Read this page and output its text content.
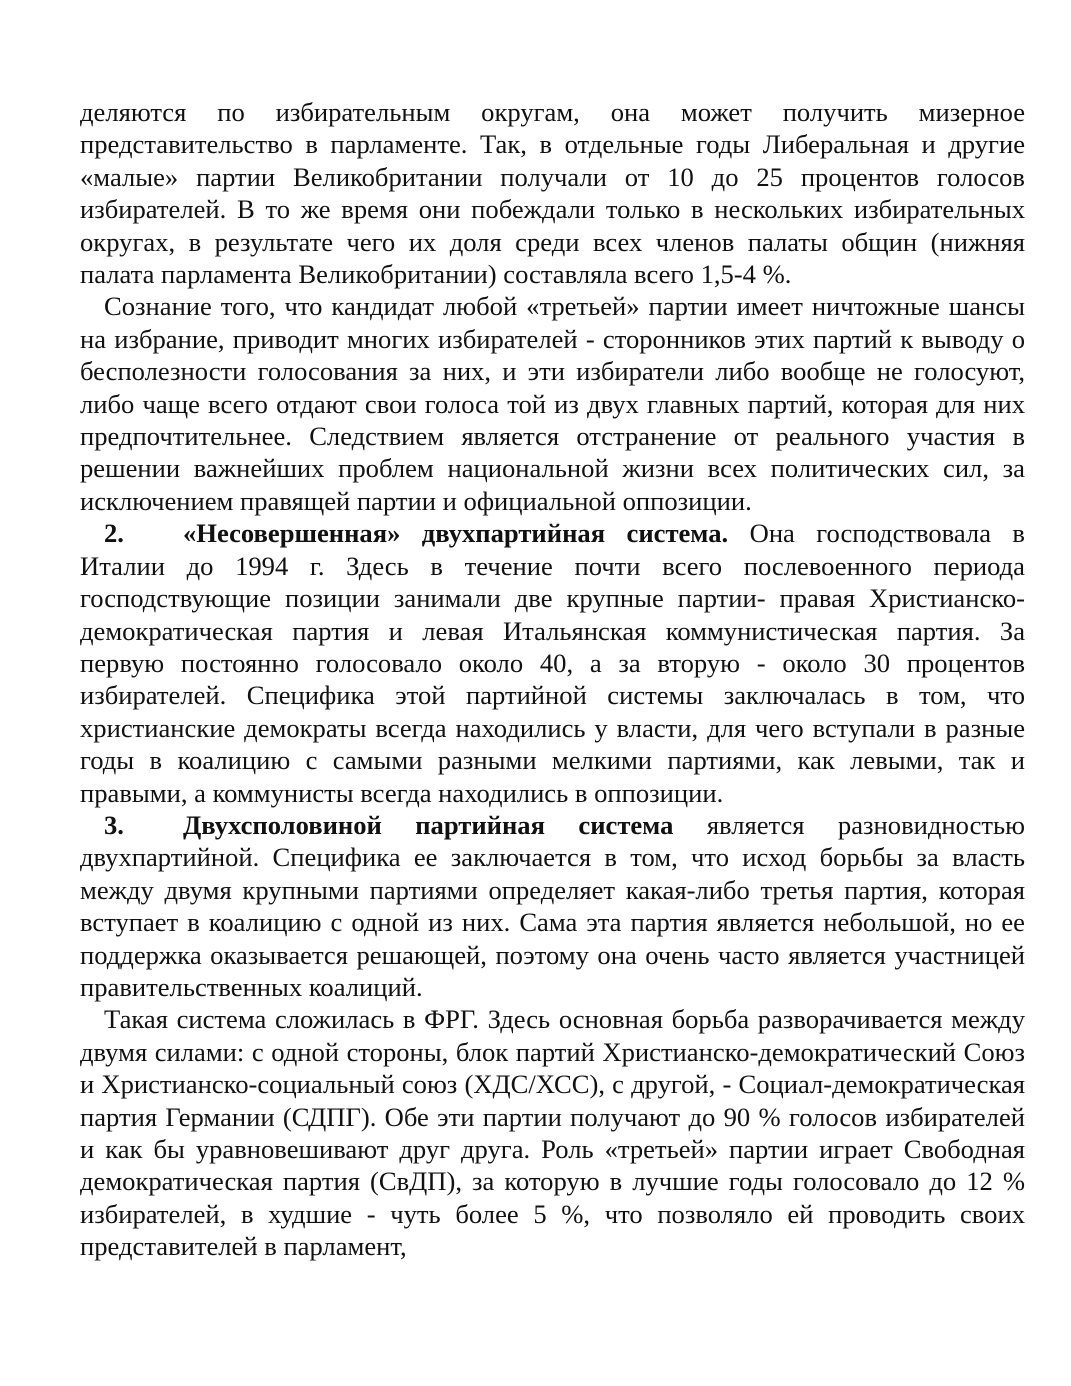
деляются по избирательным округам, она может получить мизерное представительство в парламенте. Так, в отдельные годы Либеральная и другие «малые» партии Великобритании получали от 10 до 25 процентов голосов избирателей. В то же время они побеждали только в нескольких избирательных округах, в результате чего их доля среди всех членов палаты общин (нижняя палата парламента Великобритании) составляла всего 1,5-4 %.

Сознание того, что кандидат любой «третьей» партии имеет ничтожные шансы на избрание, приводит многих избирателей - сторонников этих партий к выводу о бесполезности голосования за них, и эти избиратели либо вообще не голосуют, либо чаще всего отдают свои голоса той из двух главных партий, которая для них предпочтительнее. Следствием является отстранение от реального участия в решении важнейших проблем национальной жизни всех политических сил, за исключением правящей партии и официальной оппозиции.

2. «Несовершенная» двухпартийная система. Она господствовала в Италии до 1994 г. Здесь в течение почти всего послевоенного периода господствующие позиции занимали две крупные партии- правая Христианско-демократическая партия и левая Итальянская коммунистическая партия. За первую постоянно голосовало около 40, а за вторую - около 30 процентов избирателей. Специфика этой партийной системы заключалась в том, что христианские демократы всегда находились у власти, для чего вступали в разные годы в коалицию с самыми разными мелкими партиями, как левыми, так и правыми, а коммунисты всегда находились в оппозиции.

3. Двухсполовиной партийная система является разновидностью двухпартийной. Специфика ее заключается в том, что исход борьбы за власть между двумя крупными партиями определяет какая-либо третья партия, которая вступает в коалицию с одной из них. Сама эта партия является небольшой, но ее поддержка оказывается решающей, поэтому она очень часто является участницей правительственных коалиций.

Такая система сложилась в ФРГ. Здесь основная борьба разворачивается между двумя силами: с одной стороны, блок партий Христианско-демократический Союз и Христианско-социальный союз (ХДС/ХСС), с другой, - Социал-демократическая партия Германии (СДПГ). Обе эти партии получают до 90 % голосов избирателей и как бы уравновешивают друг друга. Роль «третьей» партии играет Свободная демократическая партия (СвДП), за которую в лучшие годы голосовало до 12 % избирателей, в худшие - чуть более 5 %, что позволяло ей проводить своих представителей в парламент,
